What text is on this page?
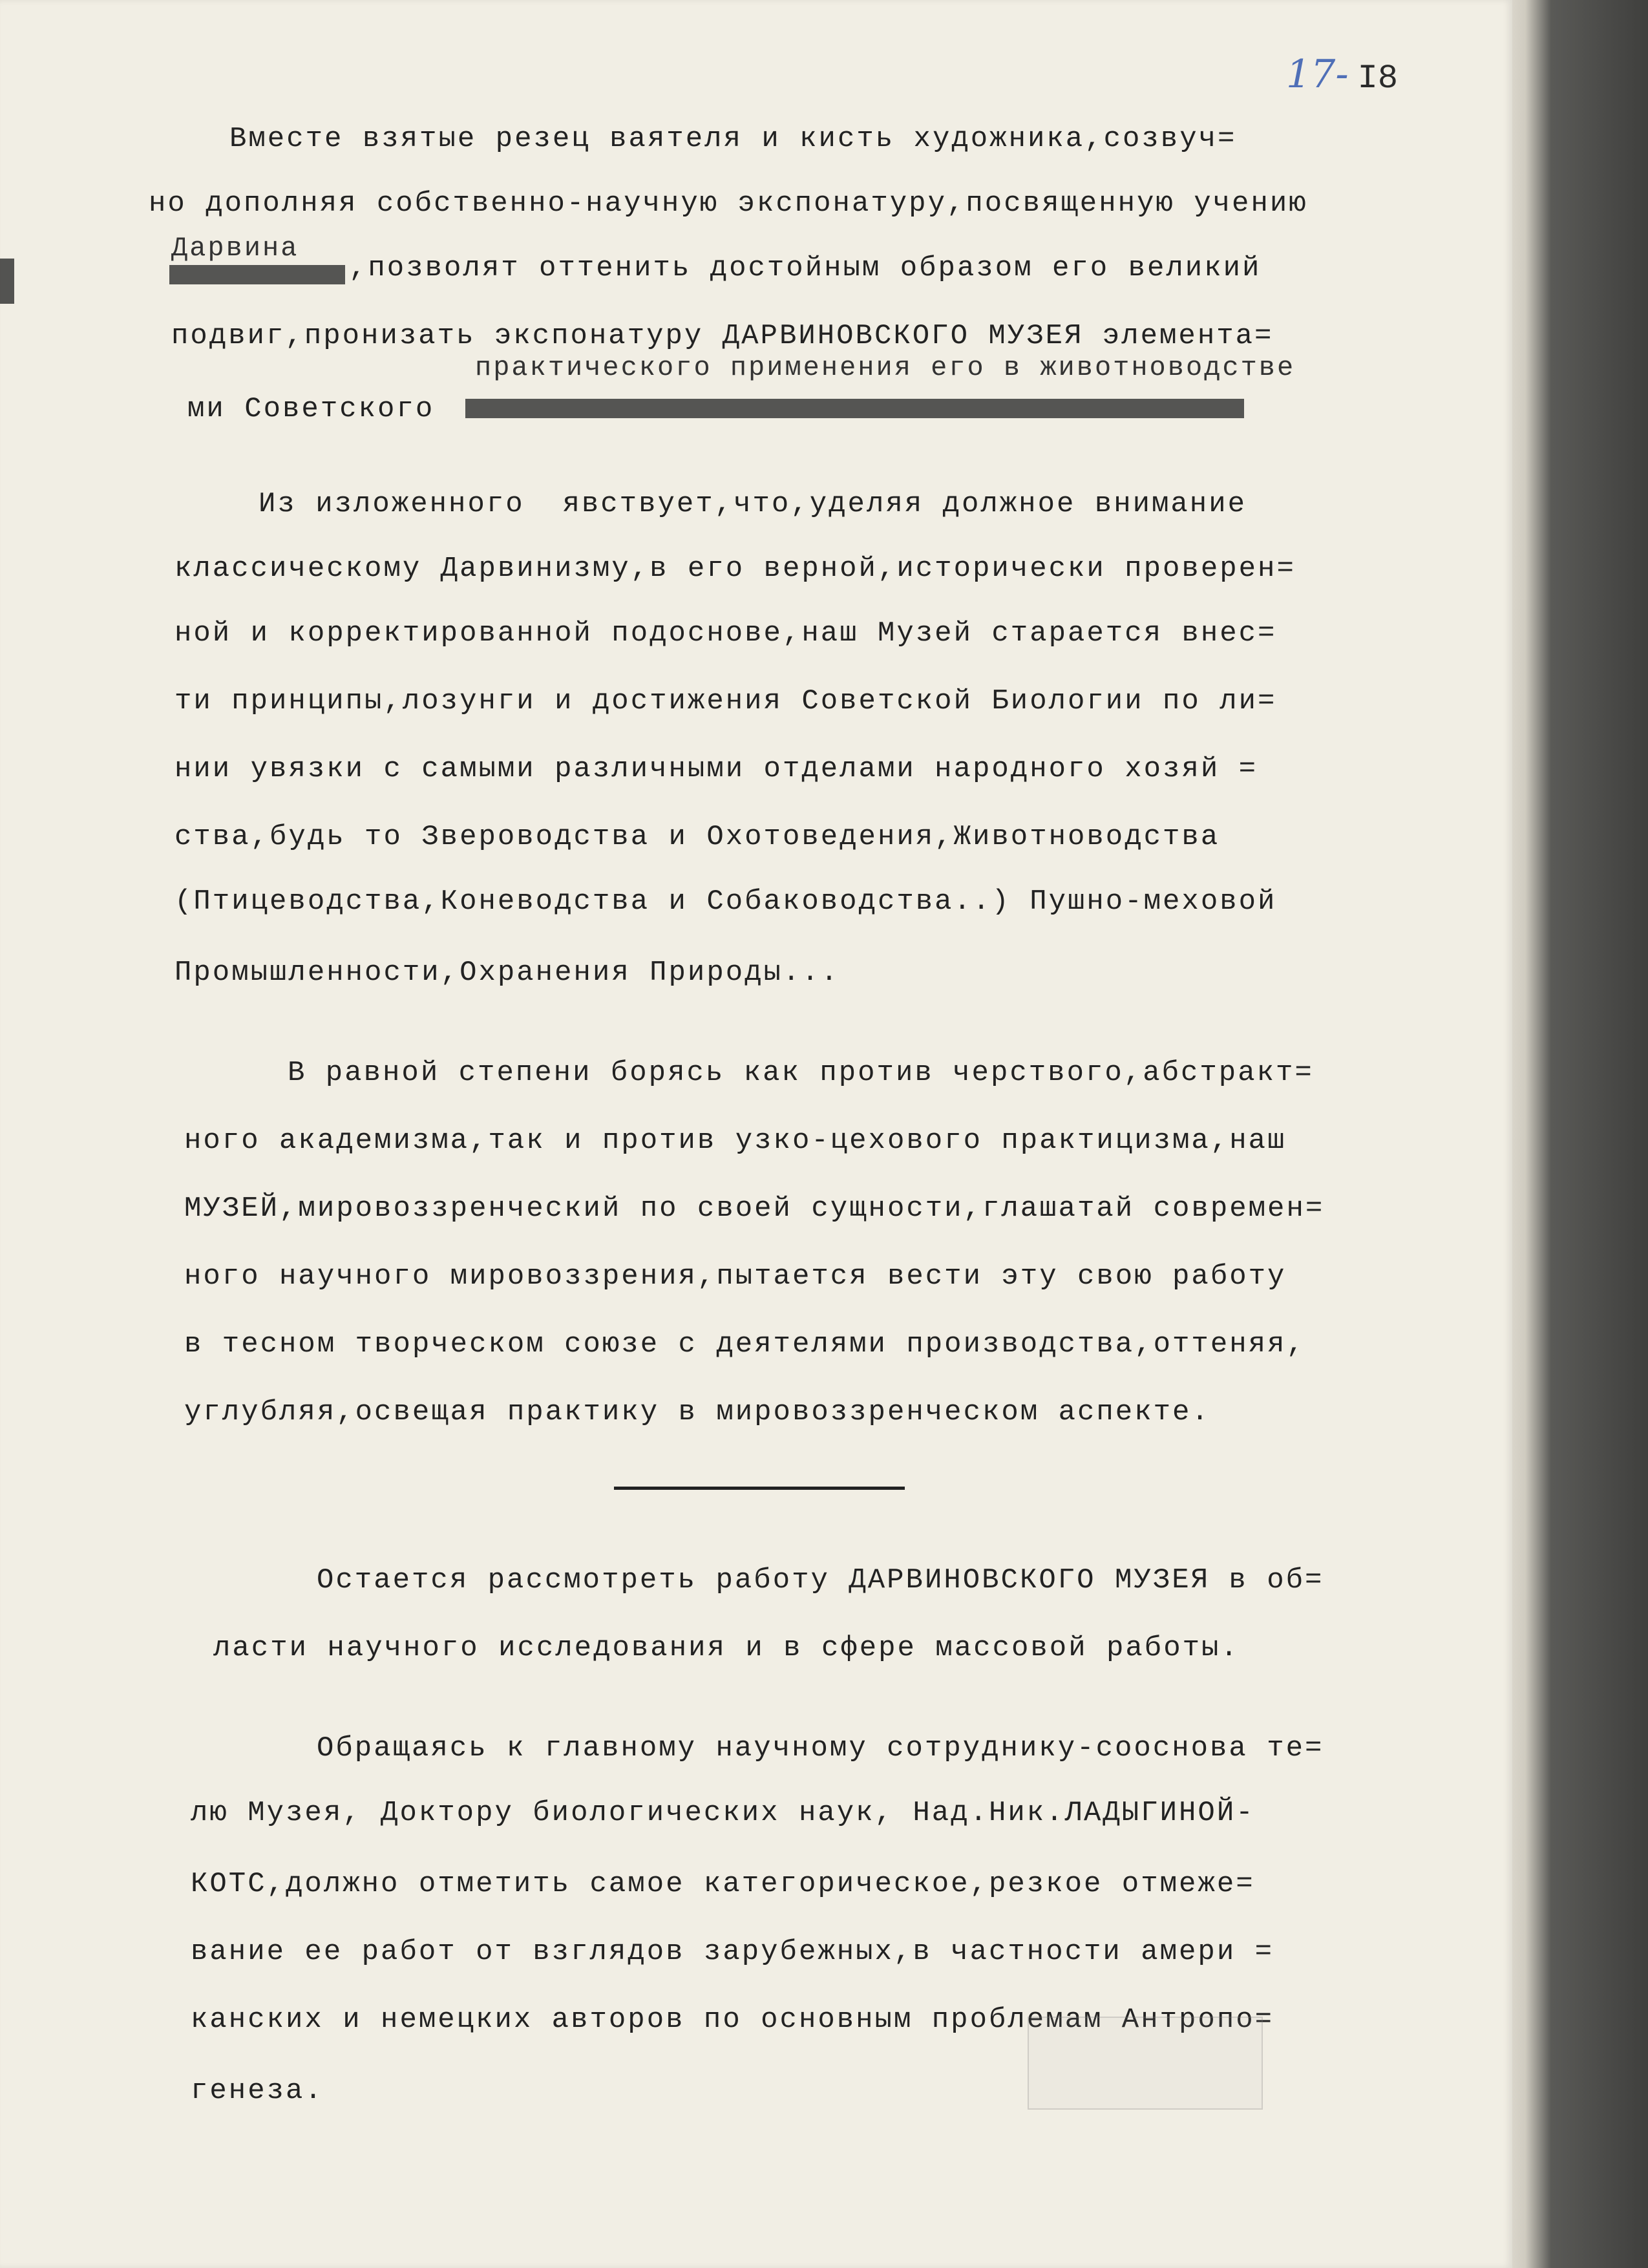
17- I8
Вместе взятые резец ваятеля и кисть художника,созвуч=
но дополняя собственно-научную экспонатуру,посвященную учению
Дарвина
,позволят оттенить достойным образом его великий
подвиг,пронизать экспонатуру ДАРВИНОВСКОГО МУЗЕЯ элемента=
практического применения его в животноводстве
ми Советского
Из изложенного  явствует,что,уделяя должное внимание
классическому Дарвинизму,в его верной,исторически проверен=
ной и корректированной подоснове,наш Музей старается внес=
ти принципы,лозунги и достижения Советской Биологии по ли=
нии увязки с самыми различными отделами народного хозяй =
ства,будь то Звероводства и Охотоведения,Животноводства
(Птицеводства,Коневодства и Собаководства..) Пушно-меховой
Промышленности,Охранения Природы...
В равной степени борясь как против черствого,абстракт=
ного академизма,так и против узко-цехового практицизма,наш
МУЗЕЙ,мировоззренческий по своей сущности,глашатай современ=
ного научного мировоззрения,пытается вести эту свою работу
в тесном творческом союзе с деятелями производства,оттеняя,
углубляя,освещая практику в мировоззренческом аспекте.
Остается рассмотреть работу ДАРВИНОВСКОГО МУЗЕЯ в об=
ласти научного исследования и в сфере массовой работы.
Обращаясь к главному научному сотруднику-сооснова те=
лю Музея, Доктору биологических наук, Над.Ник.ЛАДЫГИНОЙ-
КОТС,должно отметить самое категорическое,резкое отмеже=
вание ее работ от взглядов зарубежных,в частности амери =
канских и немецких авторов по основным проблемам Антропо=
генеза.
